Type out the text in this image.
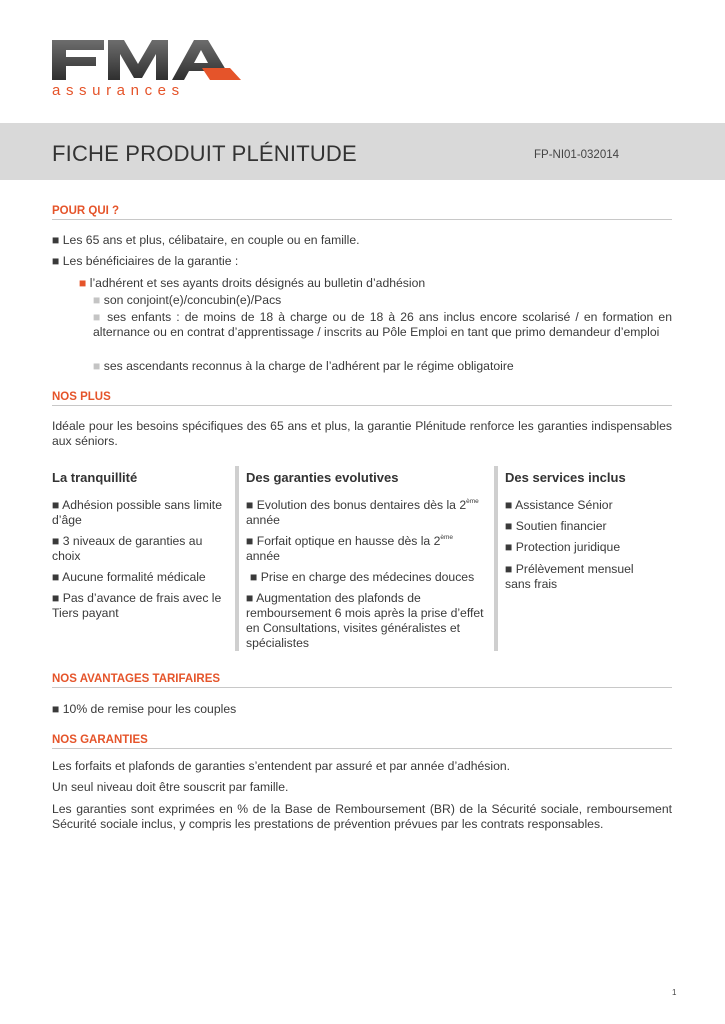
assurances
FICHE PRODUIT PLÉNITUDE	FP-NI01-032014
POUR QUI ?
■ Les 65 ans et plus, célibataire, en couple ou en famille.
■ Les bénéficiaires de la garantie :
■ l’adhérent et ses ayants droits désignés au bulletin d’adhésion
■ son conjoint(e)/concubin(e)/Pacs
■ ses enfants : de moins de 18 à charge ou de 18 à 26 ans inclus encore scolarisé / en formation en alternance ou en contrat d’apprentissage / inscrits au Pôle Emploi en tant que primo demandeur d’emploi
■ ses ascendants reconnus à la charge de l’adhérent par le régime obligatoire
NOS PLUS
Idéale pour les besoins spécifiques des 65 ans et plus, la garantie Plénitude renforce les garanties indispensables aux séniors.
La tranquillité
■ Adhésion possible sans limite d’âge
■ 3 niveaux de garanties au choix
■ Aucune formalité médicale
■ Pas d’avance de frais avec le Tiers payant
Des garanties evolutives
■ Evolution des bonus dentaires dès la 2ème
année
■ Forfait optique en hausse dès la 2ème
année
■ Prise en charge des médecines douces
■ Augmentation des plafonds de remboursement 6 mois après la prise d’effet en Consultations, visites généralistes et spécialistes
Des services inclus
■ Assistance Sénior
■ Soutien financier
■ Protection juridique
■ Prélèvement mensuel sans frais
NOS AVANTAGES TARIFAIRES
■ 10% de remise pour les couples
NOS GARANTIES
Les forfaits et plafonds de garanties s’entendent par assuré et par année d’adhésion.
Un seul niveau doit être souscrit par famille.
Les garanties sont exprimées en % de la Base de Remboursement (BR) de la Sécurité sociale, remboursement Sécurité sociale inclus, y compris les prestations de prévention prévues par les contrats responsables.
1
